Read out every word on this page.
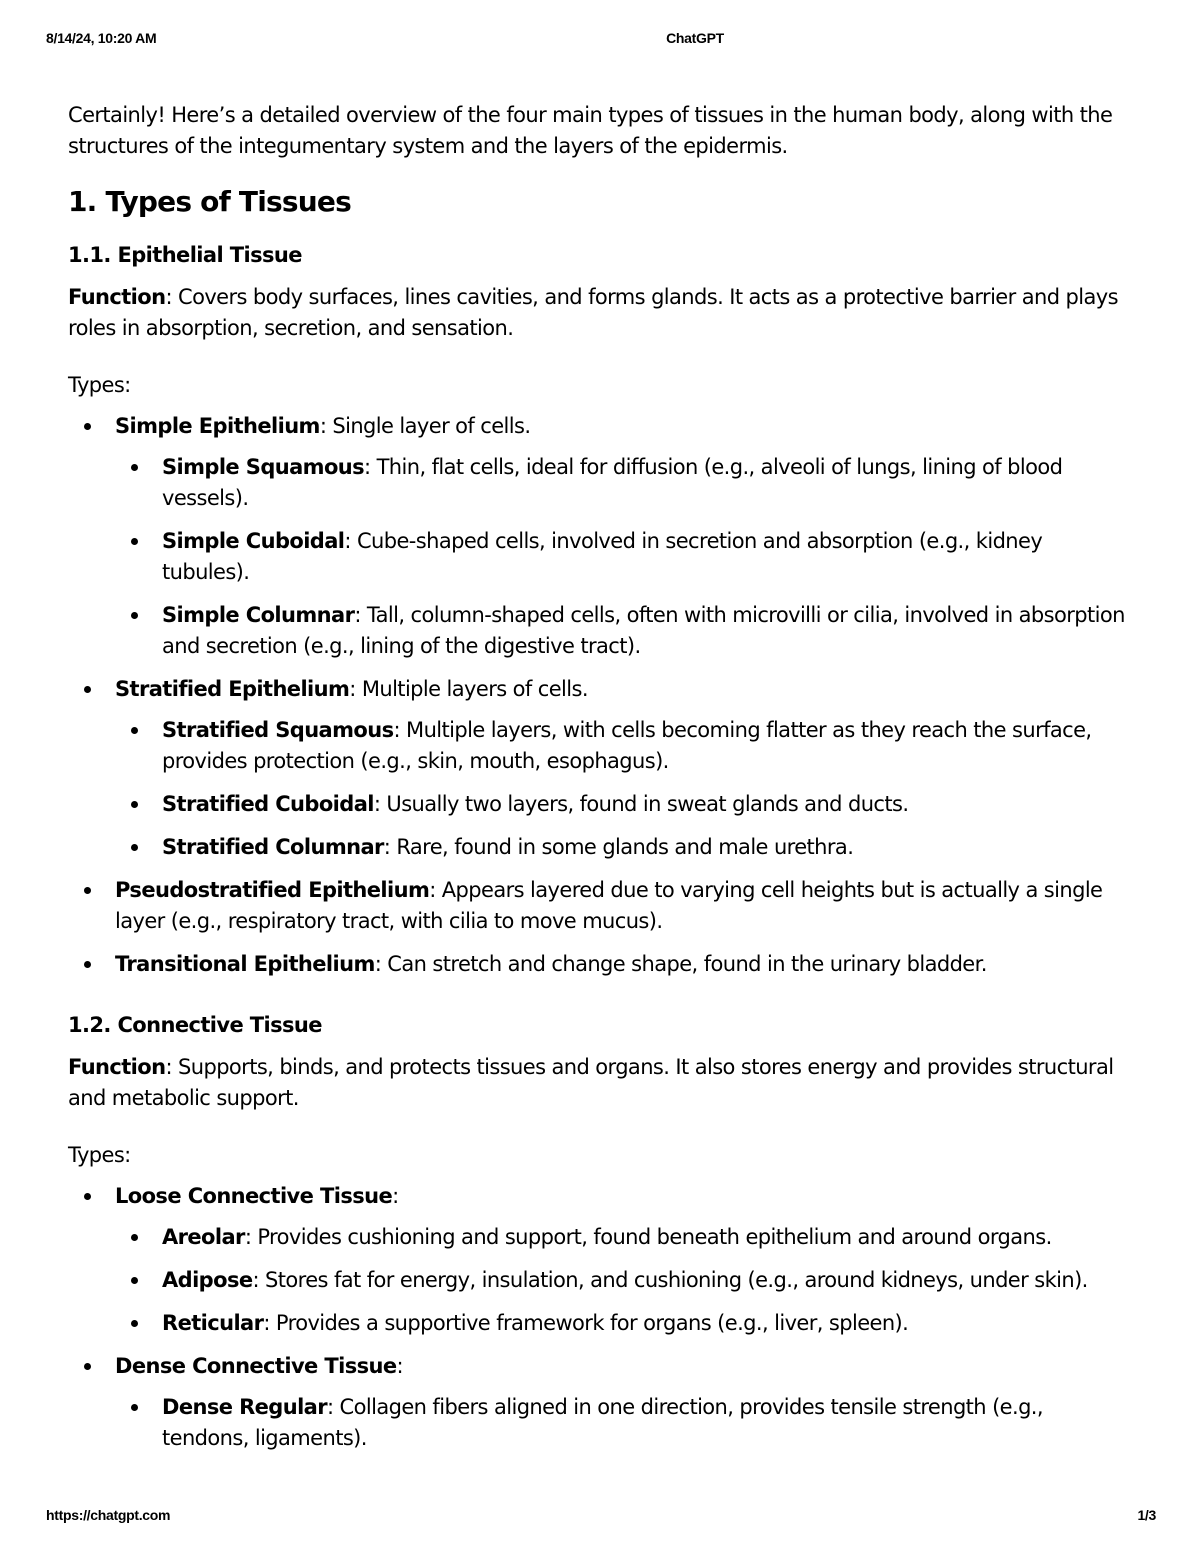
8/14/24, 10:20 AM	ChatGPT

Certainly! Here’s a detailed overview of the four main types of tissues in the human body, along with the structures of the integumentary system and the layers of the epidermis.

1. Types of Tissues
1.1. Epithelial Tissue

Function: Covers body surfaces, lines cavities, and forms glands. It acts as a protective barrier and plays roles in absorption, secretion, and sensation.

Types:

Simple Epithelium: Single layer of cells.
Simple Squamous: Thin, flat cells, ideal for diffusion (e.g., alveoli of lungs, lining of blood vessels).
Simple Cuboidal: Cube-shaped cells, involved in secretion and absorption (e.g., kidney tubules).
Simple Columnar: Tall, column-shaped cells, often with microvilli or cilia, involved in absorption and secretion (e.g., lining of the digestive tract).
Stratified Epithelium: Multiple layers of cells.
Stratified Squamous: Multiple layers, with cells becoming flatter as they reach the surface, provides protection (e.g., skin, mouth, esophagus).
Stratified Cuboidal: Usually two layers, found in sweat glands and ducts.
Stratified Columnar: Rare, found in some glands and male urethra.
Pseudostratified Epithelium: Appears layered due to varying cell heights but is actually a single layer (e.g., respiratory tract, with cilia to move mucus).
Transitional Epithelium: Can stretch and change shape, found in the urinary bladder.
1.2. Connective Tissue

Function: Supports, binds, and protects tissues and organs. It also stores energy and provides structural and metabolic support.

Types:

Loose Connective Tissue:
Areolar: Provides cushioning and support, found beneath epithelium and around organs.
Adipose: Stores fat for energy, insulation, and cushioning (e.g., around kidneys, under skin).
Reticular: Provides a supportive framework for organs (e.g., liver, spleen).
Dense Connective Tissue:
Dense Regular: Collagen fibers aligned in one direction, provides tensile strength (e.g., tendons, ligaments).
https://chatgpt.com	1/3
